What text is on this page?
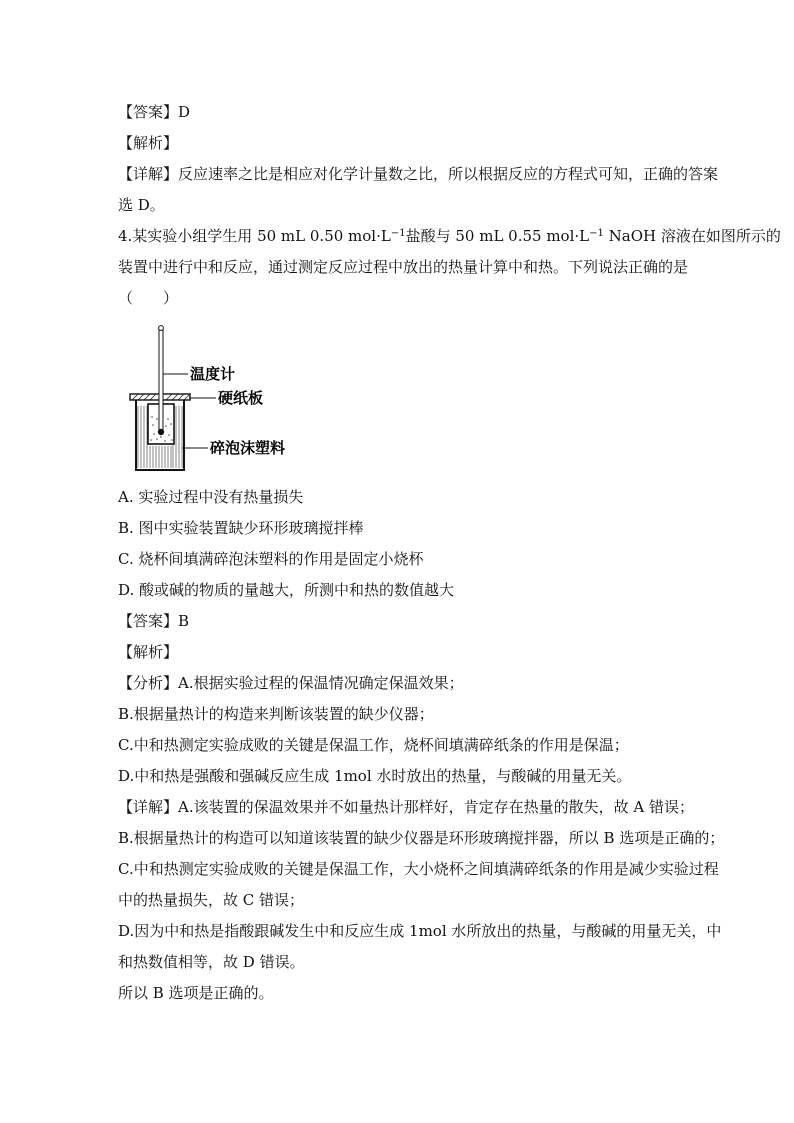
【答案】D
【解析】
【详解】反应速率之比是相应对化学计量数之比，所以根据反应的方程式可知，正确的答案
选 D。
4.某实验小组学生用 50 mL 0.50 $mol\cdot L^{-1}$盐酸与 50 mL 0.55 $mol\cdot L^{-1}$ NaOH 溶液在如图所示的
装置中进行中和反应，通过测定反应过程中放出的热量计算中和热。下列说法正确的是
（　　）
温度计
硬纸板
碎泡沫塑料
A. 实验过程中没有热量损失
B. 图中实验装置缺少环形玻璃搅拌棒
C. 烧杯间填满碎泡沫塑料的作用是固定小烧杯
D. 酸或碱的物质的量越大，所测中和热的数值越大
【答案】B
【解析】
【分析】A.根据实验过程的保温情况确定保温效果；
B.根据量热计的构造来判断该装置的缺少仪器；
C.中和热测定实验成败的关键是保温工作，烧杯间填满碎纸条的作用是保温；
D.中和热是强酸和强碱反应生成 1mol 水时放出的热量，与酸碱的用量无关。
【详解】A.该装置的保温效果并不如量热计那样好，肯定存在热量的散失，故 A 错误；
B.根据量热计的构造可以知道该装置的缺少仪器是环形玻璃搅拌器，所以 B 选项是正确的；
C.中和热测定实验成败的关键是保温工作，大小烧杯之间填满碎纸条的作用是减少实验过程
中的热量损失，故 C 错误；
D.因为中和热是指酸跟碱发生中和反应生成 1mol 水所放出的热量，与酸碱的用量无关，中
和热数值相等，故 D 错误。
所以 B 选项是正确的。
